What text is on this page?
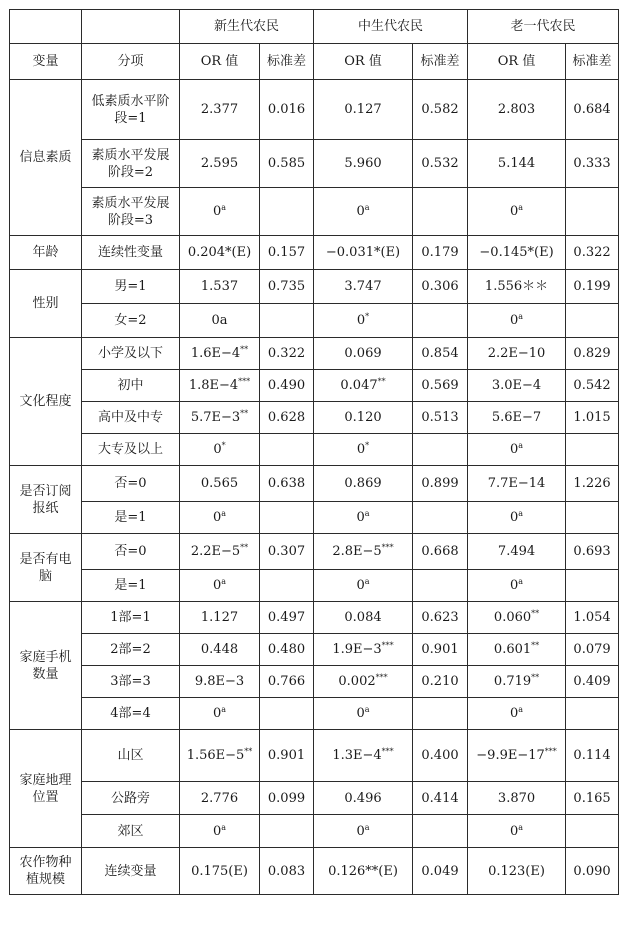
		新生代农民		中生代农民		老一代农民	
变量	分项	OR 值	标准差	OR 值	标准差	OR 值	标准差
信息素质	低素质水平阶段=1	2.377	0.016	0.127	0.582	2.803	0.684
	素质水平发展阶段=2	2.595	0.585	5.960	0.532	5.144	0.333
	素质水平发展阶段=3	0$^a$		0$^a$		0$^a$	
年龄	连续性变量	0.204*(E)	0.157	−0.031*(E)	0.179	−0.145*(E)	0.322
性别	男=1	1.537	0.735	3.747	0.306	1.556＊＊	0.199
	女=2	0a		0*		0$^a$	
文化程度	小学及以下	1.6E−4**	0.322	0.069	0.854	2.2E−10	0.829
	初中	1.8E−4***	0.490	0.047**	0.569	3.0E−4	0.542
	高中及中专	5.7E−3**	0.628	0.120	0.513	5.6E−7	1.015
	大专及以上	0*		0*		0$^a$	
是否订阅报纸	否=0	0.565	0.638	0.869	0.899	7.7E−14	1.226
	是=1	0$^a$		0$^a$		0$^a$	
是否有电脑	否=0	2.2E−5**	0.307	2.8E−5***	0.668	7.494	0.693
	是=1	0$^a$		0$^a$		0$^a$	
家庭手机数量	1部=1	1.127	0.497	0.084	0.623	0.060**	1.054
	2部=2	0.448	0.480	1.9E−3***	0.901	0.601**	0.079
	3部=3	9.8E−3	0.766	0.002***	0.210	0.719**	0.409
	4部=4	0$^a$		0$^a$		0$^a$	
家庭地理位置	山区	1.56E−5**	0.901	1.3E−4***	0.400	−9.9E−17***	0.114
	公路旁	2.776	0.099	0.496	0.414	3.870	0.165
	郊区	0$^a$		0$^a$		0$^a$	
农作物种植规模	连续变量	0.175(E)	0.083	0.126**(E)	0.049	0.123(E)	0.090
